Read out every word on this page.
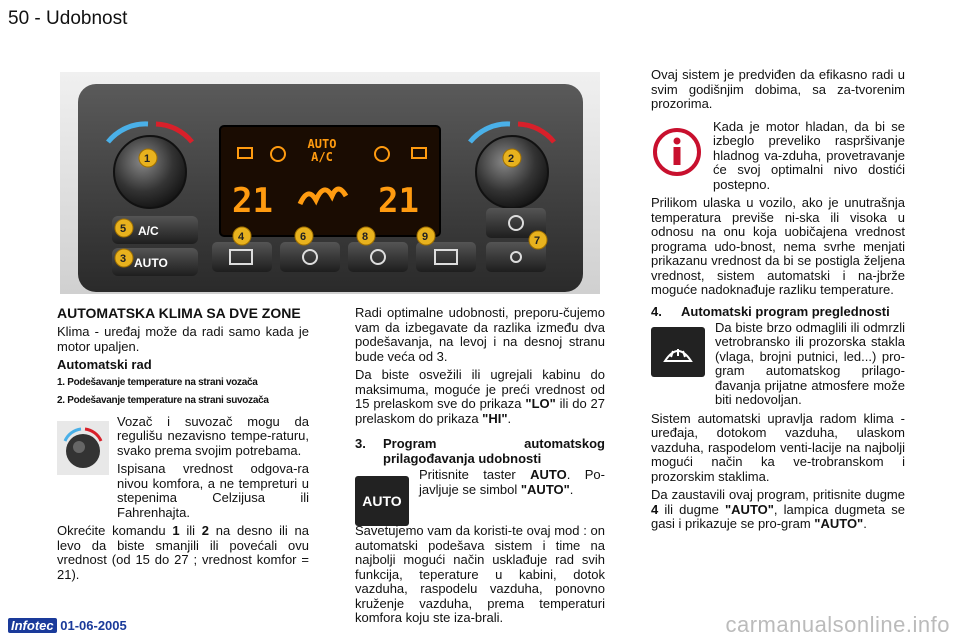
50 - Udobnost
AUTO
A/C
21	21
A/C
AUTO
1	2
3
4
5
6	7
8	9
AUTOMATSKA KLIMA SA DVE ZONE

Klima - uređaj može da radi samo kada je motor upaljen.

Automatski rad
1. Podešavanje temperature na strani vozača
2. Podešavanje temperature na strani suvozača

Vozač i suvozač mogu da regulišu nezavisno tempe-raturu, svako prema svojim potrebama.

Ispisana vrednost odgova-ra nivou komfora, a ne tempreturi u stepenima Celzijusa ili Fahrenhajta.

Okrećite komandu 1 ili 2 na desno ili na levo da biste smanjili ili povećali ovu vrednost (od 15 do 27 ; vrednost komfor = 21).

Radi optimalne udobnosti, preporu-čujemo vam da izbegavate da razlika između dva podešavanja, na levoj i na desnoj stranu bude veća od 3.

Da biste osvežili ili ugrejali kabinu do maksimuma, moguće je preći vrednost od 15 prelaskom sve do prikaza "LO" ili do 27 prelaskom do prikaza "HI".

3.	Program automatskog prilagođavanja udobnosti
AUTO

Pritisnite taster AUTO. Po-javljuje se simbol "AUTO".

Savetujemo vam da koristi-te ovaj mod : on automatski podešava sistem i time na najbolji mogući način usklađuje rad svih funkcija, teperature u kabini, dotok vazduha, raspodelu vazduha, ponovno kruženje vazduha, prema temperaturi komfora koju ste iza-brali.

Ovaj sistem je predviđen da efikasno radi u svim godišnjim dobima, sa za-tvorenim prozorima.

Kada je motor hladan, da bi se izbeglo preveliko raspršivanje hladnog va-zduha, provetravanje će svoj optimalni nivo dostići postepno.

Prilikom ulaska u vozilo, ako je unutrašnja temperatura previše ni-ska ili visoka u odnosu na onu koja uobičajena vrednost programa udo-bnost, nema svrhe menjati prikazanu vrednost da bi se postigla željena vrednost, sistem automatski i na-jbrže moguće nadoknađuje razliku temperature.

4.	Automatski program preglednosti

Da biste brzo odmaglili ili odmrzli vetrobransko ili prozorska stakla (vlaga, brojni putnici, led...) pro-gram automatskog prilago-đavanja prijatne atmosfere može biti nedovoljan.

Sistem automatski upravlja radom klima - uređaja, dotokom vazduha, ulaskom vazduha, raspodelom venti-lacije na najbolji mogući način ka ve-trobranskom i prozorskim staklima.

Da zaustavili ovaj program, pritisnite dugme 4 ili dugme "AUTO", lampica dugmeta se gasi i prikazuje se pro-gram "AUTO".

Infotec 01-06-2005	carmanualsonline.info
